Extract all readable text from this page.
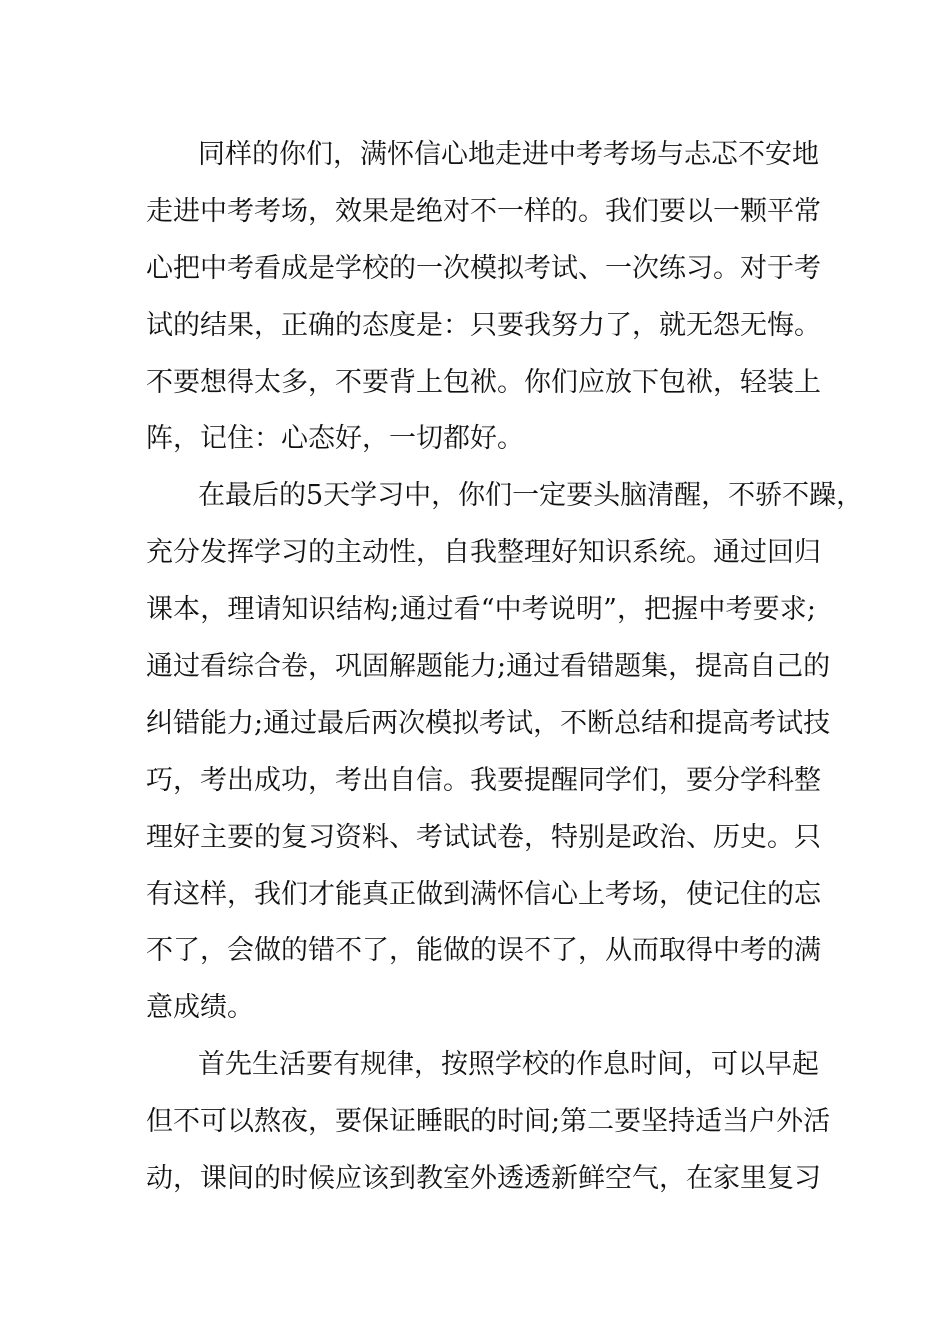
同样的你们，满怀信心地走进中考考场与忐忑不安地
走进中考考场，效果是绝对不一样的。我们要以一颗平常
心把中考看成是学校的一次模拟考试、一次练习。对于考
试的结果，正确的态度是：只要我努力了，就无怨无悔。
不要想得太多，不要背上包袱。你们应放下包袱，轻装上
阵，记住：心态好，一切都好。
在最后的5天学习中，你们一定要头脑清醒，不骄不躁，
充分发挥学习的主动性，自我整理好知识系统。通过回归
课本，理请知识结构;通过看“中考说明”，把握中考要求;
通过看综合卷，巩固解题能力;通过看错题集，提高自己的
纠错能力;通过最后两次模拟考试，不断总结和提高考试技
巧，考出成功，考出自信。我要提醒同学们，要分学科整
理好主要的复习资料、考试试卷，特别是政治、历史。只
有这样，我们才能真正做到满怀信心上考场，使记住的忘
不了，会做的错不了，能做的误不了，从而取得中考的满
意成绩。
首先生活要有规律，按照学校的作息时间，可以早起
但不可以熬夜，要保证睡眠的时间;第二要坚持适当户外活
动，课间的时候应该到教室外透透新鲜空气，在家里复习
